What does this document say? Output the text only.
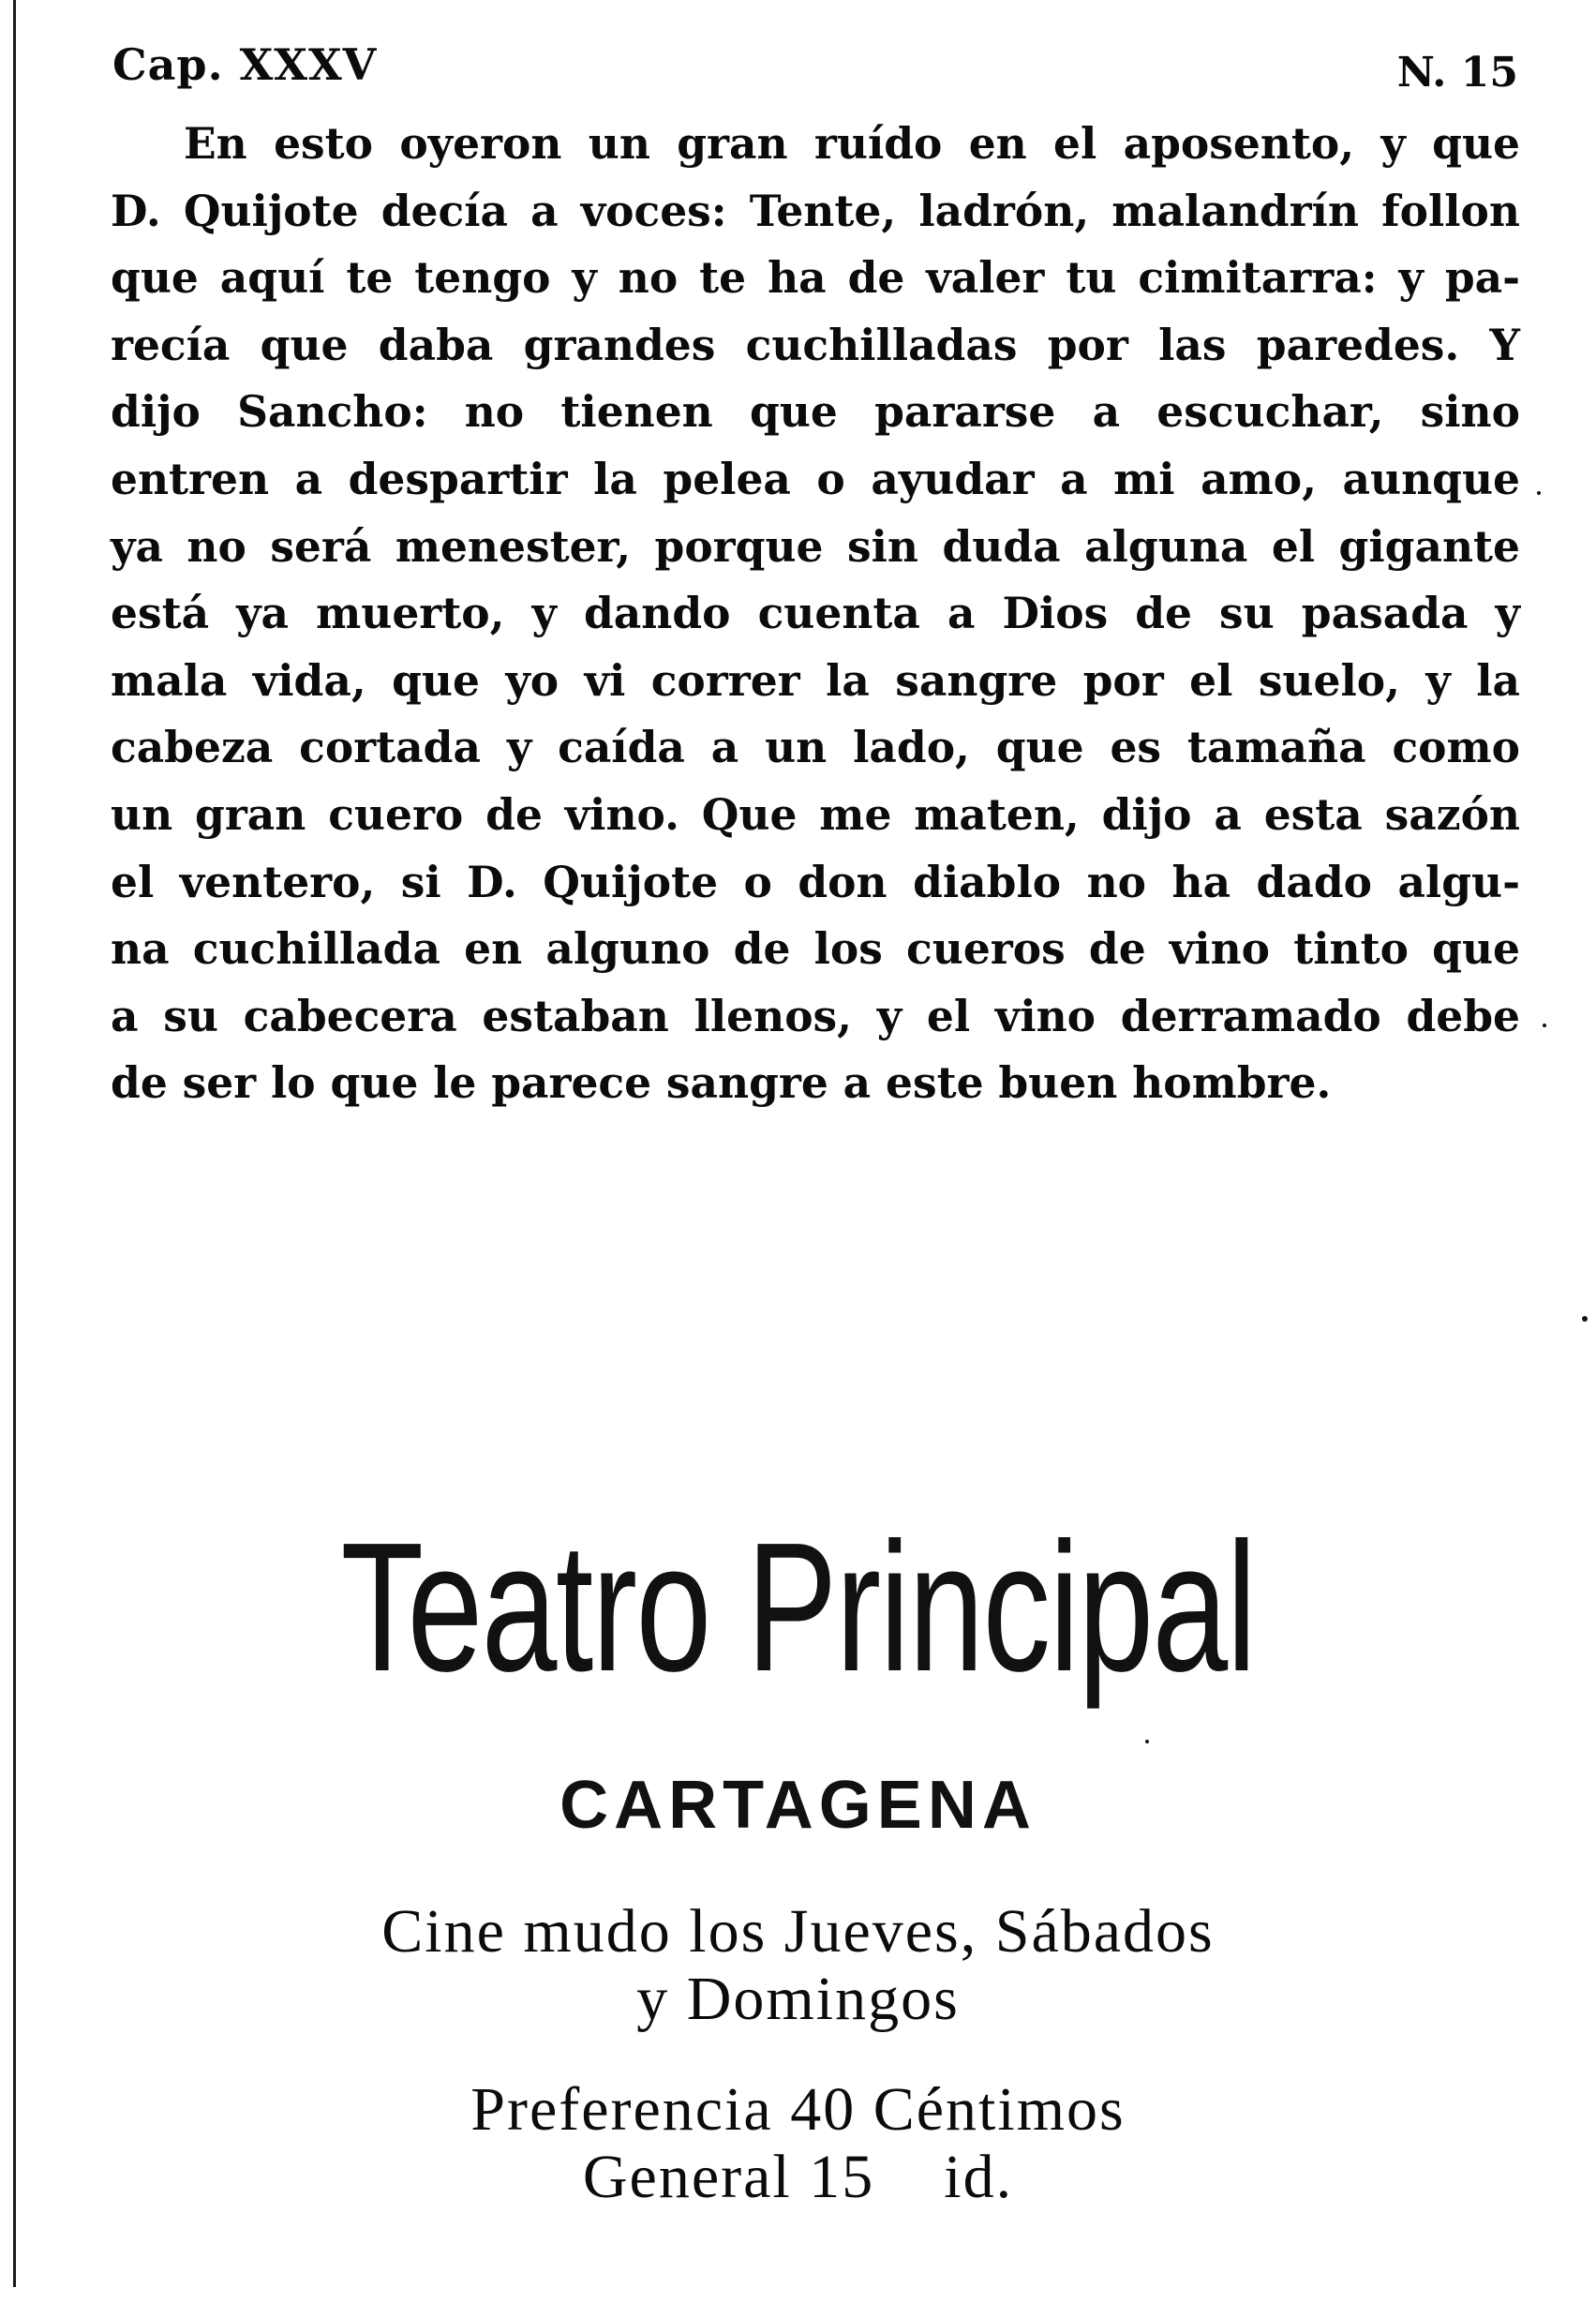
Cap. XXXV	N. 15
En esto oyeron un gran ruído en el aposento, y que
D. Quijote decía a voces: Tente, ladrón, malandrín follon
que aquí te tengo y no te ha de valer tu cimitarra: y pa-
recía que daba grandes cuchilladas por las paredes. Y
dijo Sancho: no tienen que pararse a escuchar, sino
entren a despartir la pelea o ayudar a mi amo, aunque
ya no será menester, porque sin duda alguna el gigante
está ya muerto, y dando cuenta a Dios de su pasada y
mala vida, que yo vi correr la sangre por el suelo, y la
cabeza cortada y caída a un lado, que es tamaña como
un gran cuero de vino. Que me maten, dijo a esta sazón
el ventero, si D. Quijote o don diablo no ha dado algu-
na cuchillada en alguno de los cueros de vino tinto que
a su cabecera estaban llenos, y el vino derramado debe
de ser lo que le parece sangre a este buen hombre.
Teatro Principal
CARTAGENA
Cine mudo los Jueves, Sábados
y Domingos
Preferencia 40 Céntimos
General 15    id.
